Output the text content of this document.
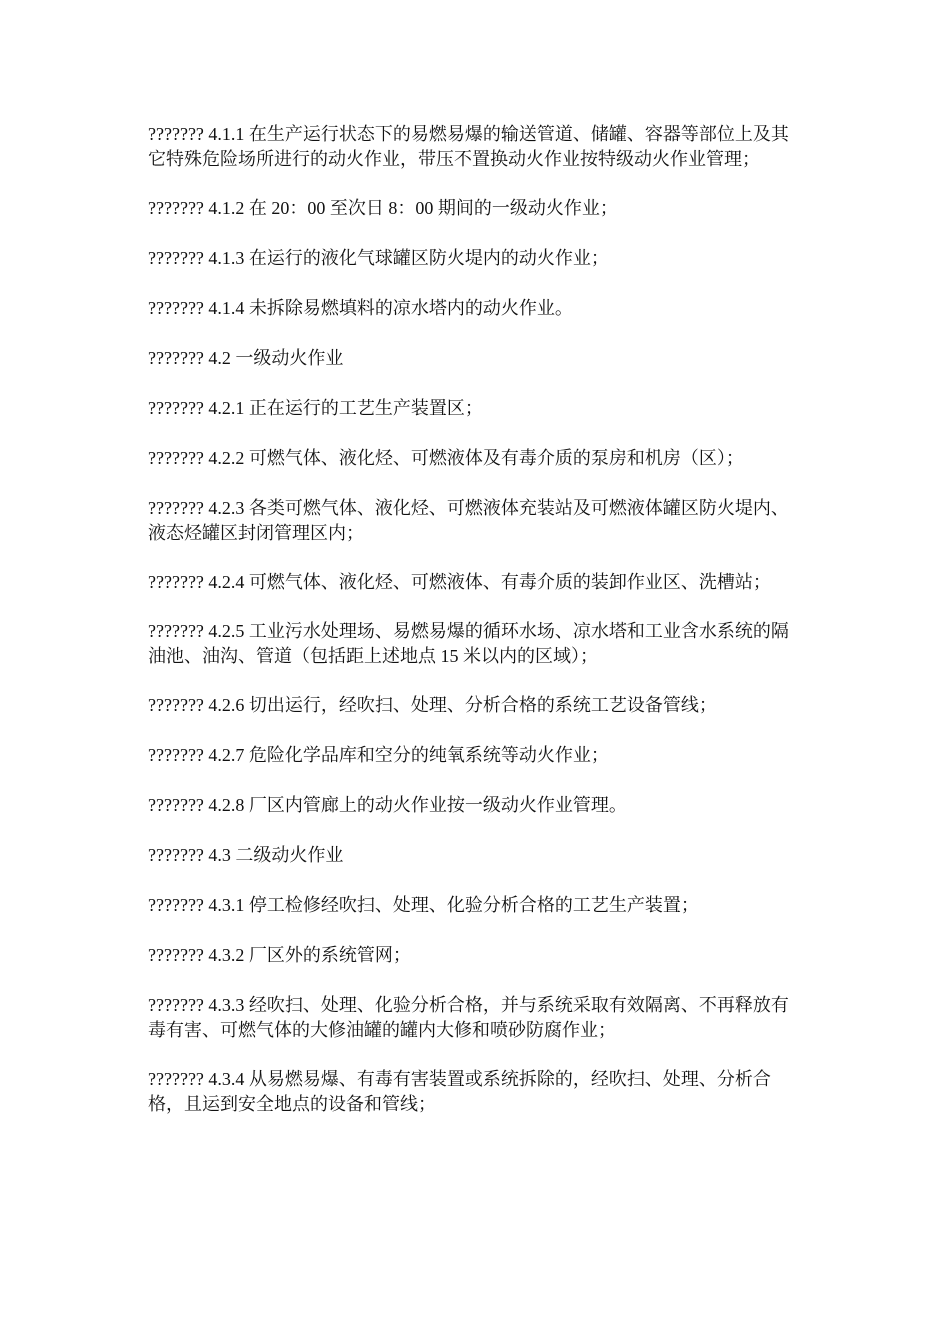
??????? 4.1.1 在生产运行状态下的易燃易爆的输送管道、储罐、容器等部位上及其它特殊危险场所进行的动火作业，带压不置换动火作业按特级动火作业管理；

??????? 4.1.2 在 20：00 至次日 8：00 期间的一级动火作业；

??????? 4.1.3 在运行的液化气球罐区防火堤内的动火作业；

??????? 4.1.4 未拆除易燃填料的凉水塔内的动火作业。

??????? 4.2 一级动火作业

??????? 4.2.1 正在运行的工艺生产装置区；

??????? 4.2.2 可燃气体、液化烃、可燃液体及有毒介质的泵房和机房（区）；

??????? 4.2.3 各类可燃气体、液化烃、可燃液体充装站及可燃液体罐区防火堤内、液态烃罐区封闭管理区内；

??????? 4.2.4 可燃气体、液化烃、可燃液体、有毒介质的装卸作业区、洗槽站；

??????? 4.2.5 工业污水处理场、易燃易爆的循环水场、凉水塔和工业含水系统的隔油池、油沟、管道（包括距上述地点 15 米以内的区域）；

??????? 4.2.6 切出运行，经吹扫、处理、分析合格的系统工艺设备管线；

??????? 4.2.7 危险化学品库和空分的纯氧系统等动火作业；

??????? 4.2.8 厂区内管廊上的动火作业按一级动火作业管理。

??????? 4.3 二级动火作业

??????? 4.3.1 停工检修经吹扫、处理、化验分析合格的工艺生产装置；

??????? 4.3.2 厂区外的系统管网；

??????? 4.3.3 经吹扫、处理、化验分析合格，并与系统采取有效隔离、不再释放有毒有害、可燃气体的大修油罐的罐内大修和喷砂防腐作业；

??????? 4.3.4 从易燃易爆、有毒有害装置或系统拆除的，经吹扫、处理、分析合格，且运到安全地点的设备和管线；
